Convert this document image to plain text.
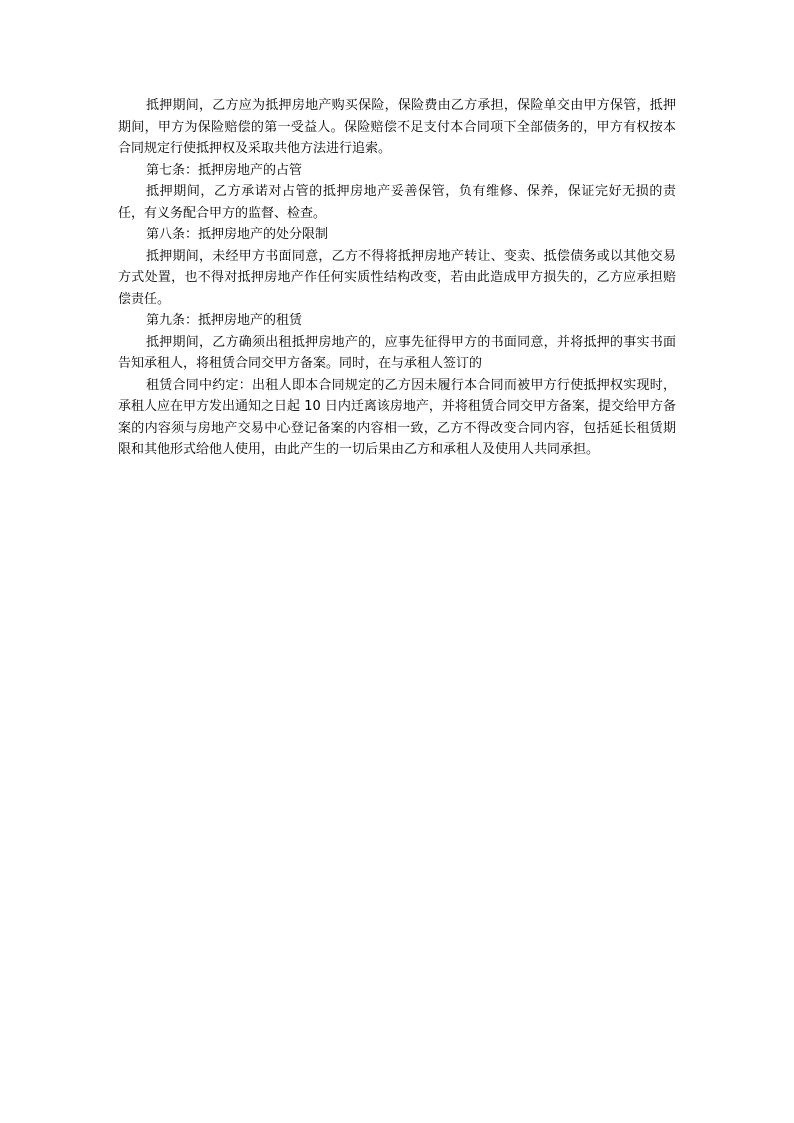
抵押期间，乙方应为抵押房地产购买保险，保险费由乙方承担，保险单交由甲方保管，抵押期间，甲方为保险赔偿的第一受益人。保险赔偿不足支付本合同项下全部债务的，甲方有权按本合同规定行使抵押权及采取共他方法进行追索。

第七条：抵押房地产的占管

抵押期间，乙方承诺对占管的抵押房地产妥善保管，负有维修、保养，保证完好无损的责任，有义务配合甲方的监督、检查。

第八条：抵押房地产的处分限制

抵押期间，未经甲方书面同意，乙方不得将抵押房地产转让、变卖、抵偿债务或以其他交易方式处置，也不得对抵押房地产作任何实质性结构改变，若由此造成甲方损失的，乙方应承担赔偿责任。

第九条：抵押房地产的租赁

抵押期间，乙方确须出租抵押房地产的，应事先征得甲方的书面同意，并将抵押的事实书面告知承租人，将租赁合同交甲方备案。同时，在与承租人签订的

租赁合同中约定：出租人即本合同规定的乙方因未履行本合同而被甲方行使抵押权实现时，承租人应在甲方发出通知之日起 10 日内迁离该房地产，并将租赁合同交甲方备案，提交给甲方备案的内容须与房地产交易中心登记备案的内容相一致，乙方不得改变合同内容，包括延长租赁期限和其他形式给他人使用，由此产生的一切后果由乙方和承租人及使用人共同承担。
